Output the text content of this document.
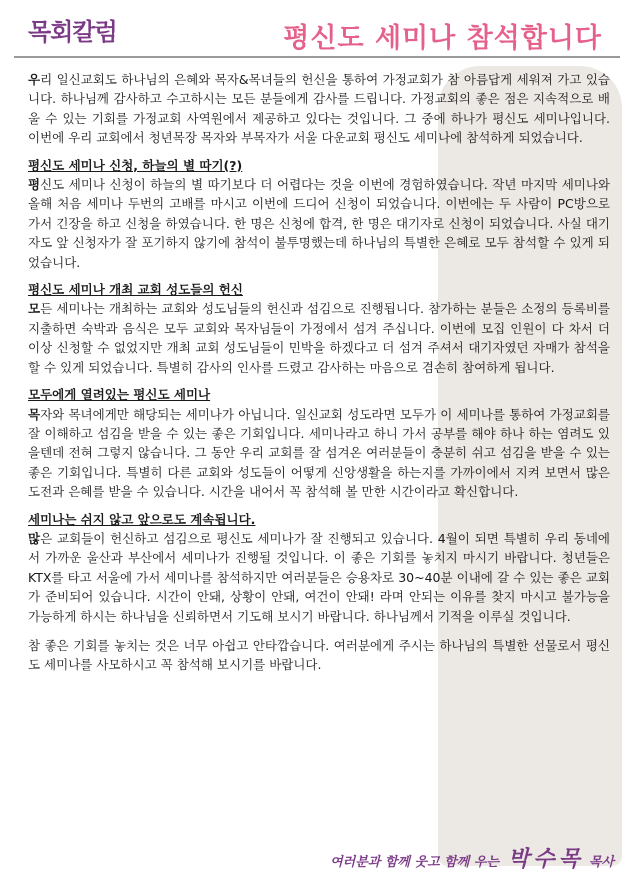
목회칼럼	평신도 세미나 참석합니다

우리 일신교회도 하나님의 은혜와 목자&목녀들의 헌신을 통하여 가정교회가 참 아름답게 세워져 가고 있습니다. 하나님께 감사하고 수고하시는 모든 분들에게 감사를 드립니다. 가정교회의 좋은 점은 지속적으로 배울 수 있는 기회를 가정교회 사역원에서 제공하고 있다는 것입니다. 그 중에 하나가 평신도 세미나입니다. 이번에 우리 교회에서 청년목장 목자와 부목자가 서울 다운교회 평신도 세미나에 참석하게 되었습니다.

평신도 세미나 신청, 하늘의 별 따기(?)

평신도 세미나 신청이 하늘의 별 따기보다 더 어렵다는 것을 이번에 경험하였습니다. 작년 마지막 세미나와 올해 처음 세미나 두번의 고배를 마시고 이번에 드디어 신청이 되었습니다. 이번에는 두 사람이 PC방으로 가서 긴장을 하고 신청을 하였습니다. 한 명은 신청에 합격, 한 명은 대기자로 신청이 되었습니다. 사실 대기자도 앞 신청자가 잘 포기하지 않기에 참석이 불투명했는데 하나님의 특별한 은혜로 모두 참석할 수 있게 되었습니다.

평신도 세미나 개최 교회 성도들의 헌신

모든 세미나는 개최하는 교회와 성도님들의 헌신과 섬김으로 진행됩니다. 참가하는 분들은 소정의 등록비를 지출하면 숙박과 음식은 모두 교회와 목자님들이 가정에서 섬겨 주십니다. 이번에 모집 인원이 다 차서 더 이상 신청할 수 없었지만 개최 교회 성도님들이 민박을 하겠다고 더 섬겨 주셔서 대기자였던 자매가 참석을 할 수 있게 되었습니다. 특별히 감사의 인사를 드렸고 감사하는 마음으로 겸손히 참여하게 됩니다.

모두에게 열려있는 평신도 세미나

목자와 목녀에게만 해당되는 세미나가 아닙니다. 일신교회 성도라면 모두가 이 세미나를 통하여 가정교회를 잘 이해하고 섬김을 받을 수 있는 좋은 기회입니다. 세미나라고 하니 가서 공부를 해야 하나 하는 염려도 있을텐데 전혀 그렇지 않습니다. 그 동안 우리 교회를 잘 섬겨온 여러분들이 충분히 쉬고 섬김을 받을 수 있는 좋은 기회입니다. 특별히 다른 교회와 성도들이 어떻게 신앙생활을 하는지를 가까이에서 지켜 보면서 많은 도전과 은혜를 받을 수 있습니다. 시간을 내어서 꼭 참석해 볼 만한 시간이라고 확신합니다.

세미나는 쉬지 않고 앞으로도 계속됩니다.

많은 교회들이 헌신하고 섬김으로 평신도 세미나가 잘 진행되고 있습니다. 4월이 되면 특별히 우리 동네에서 가까운 울산과 부산에서 세미나가 진행될 것입니다. 이 좋은 기회를 놓치지 마시기 바랍니다. 청년들은 KTX를 타고 서울에 가서 세미나를 참석하지만 여러분들은 승용차로 30~40분 이내에 갈 수 있는 좋은 교회가 준비되어 있습니다. 시간이 안돼, 상황이 안돼, 여건이 안돼! 라며 안되는 이유를 찾지 마시고 불가능을 가능하게 하시는 하나님을 신뢰하면서 기도해 보시기 바랍니다. 하나님께서 기적을 이루실 것입니다.

참 좋은 기회를 놓치는 것은 너무 아쉽고 안타깝습니다. 여러분에게 주시는 하나님의 특별한 선물로서 평신도 세미나를 사모하시고 꼭 참석해 보시기를 바랍니다.

여러분과 함께 웃고 함께 우는 박수목 목사
